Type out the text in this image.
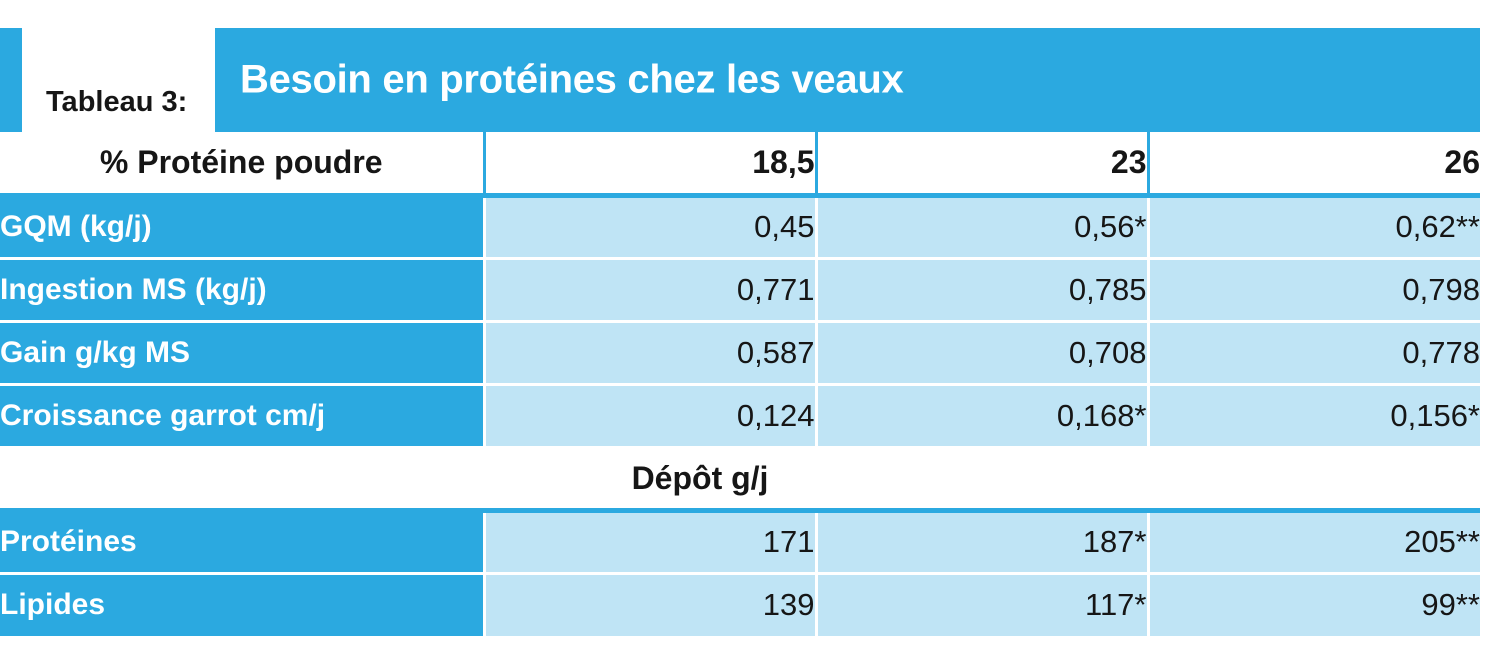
Besoin en protéines chez les veaux
Tableau 3:
% Protéine poudre	18,5	23	26
GQM (kg/j)	0,45	0,56*	0,62**
Ingestion MS (kg/j)	0,771	0,785	0,798
Gain g/kg MS	0,587	0,708	0,778
Croissance garrot cm/j	0,124	0,168*	0,156*

Dépôt g/j			

Protéines	171	187*	205**
Lipides	139	117*	99**
